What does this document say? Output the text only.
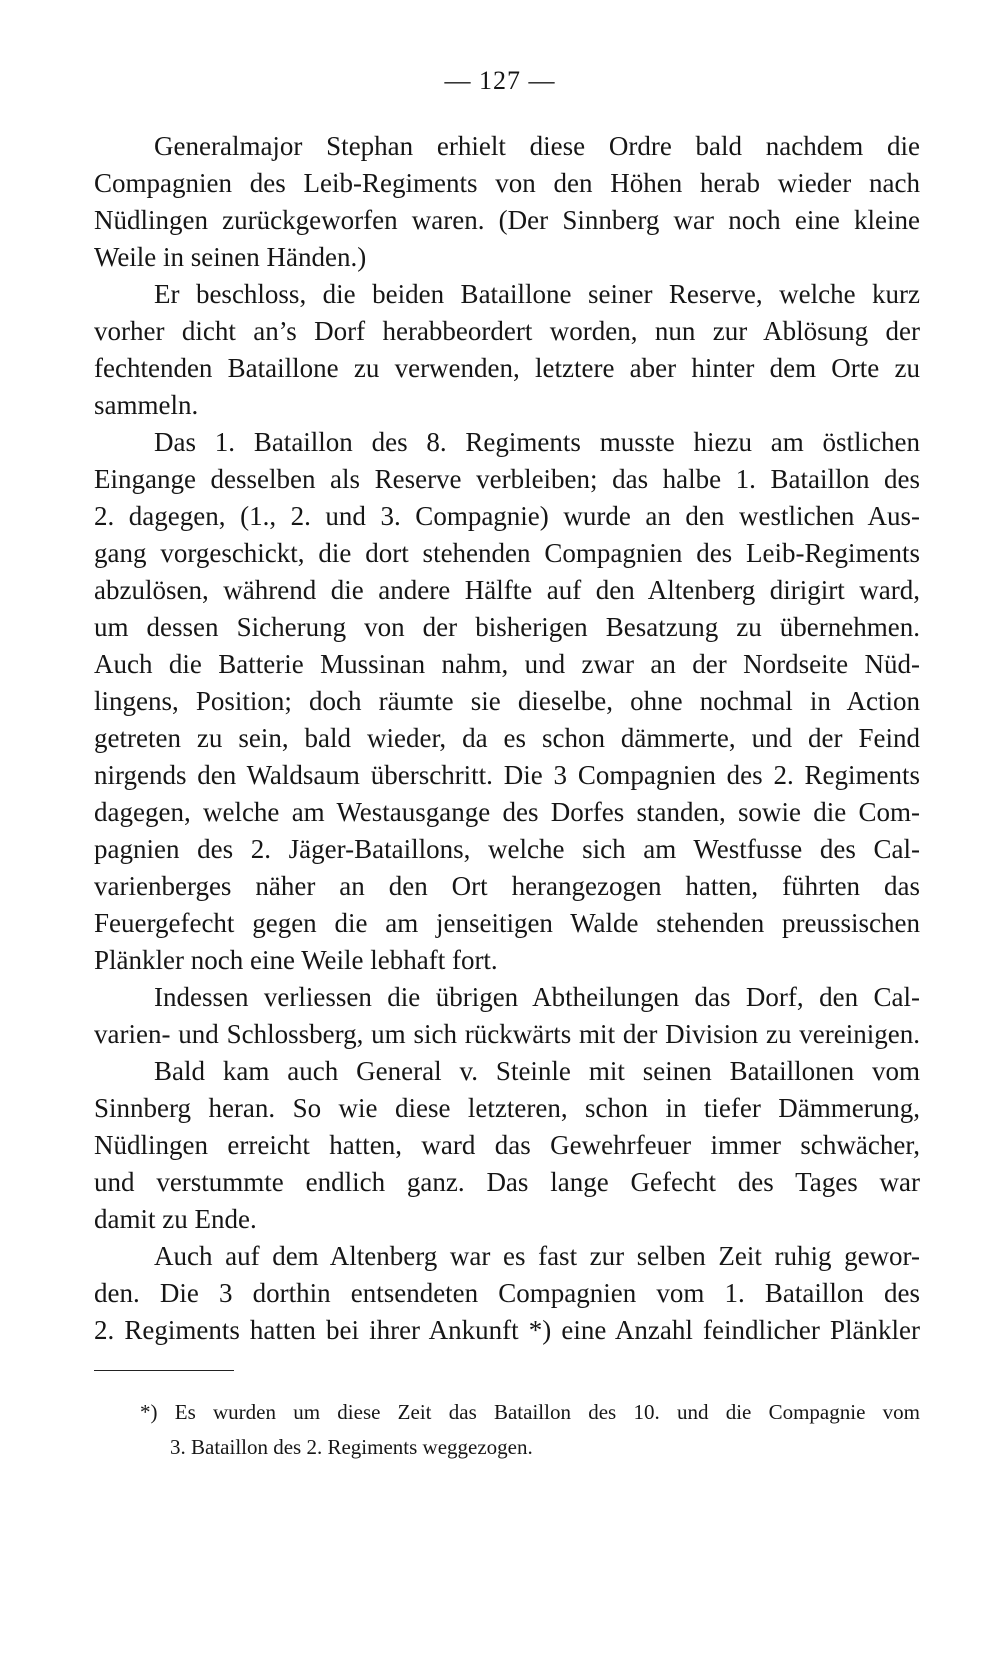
— 127 —
Generalmajor Stephan erhielt diese Ordre bald nachdem die
Compagnien des Leib-Regiments von den Höhen herab wieder nach
Nüdlingen zurückgeworfen waren. (Der Sinnberg war noch eine kleine
Weile in seinen Händen.)
Er beschloss, die beiden Bataillone seiner Reserve, welche kurz
vorher dicht an’s Dorf herabbeordert worden, nun zur Ablösung der
fechtenden Bataillone zu verwenden, letztere aber hinter dem Orte zu
sammeln.
Das 1. Bataillon des 8. Regiments musste hiezu am östlichen
Eingange desselben als Reserve verbleiben; das halbe 1. Bataillon des
2. dagegen, (1., 2. und 3. Compagnie) wurde an den westlichen Aus-
gang vorgeschickt, die dort stehenden Compagnien des Leib-Regiments
abzulösen, während die andere Hälfte auf den Altenberg dirigirt ward,
um dessen Sicherung von der bisherigen Besatzung zu übernehmen.
Auch die Batterie Mussinan nahm, und zwar an der Nordseite Nüd-
lingens, Position; doch räumte sie dieselbe, ohne nochmal in Action
getreten zu sein, bald wieder, da es schon dämmerte, und der Feind
nirgends den Waldsaum überschritt. Die 3 Compagnien des 2. Regiments
dagegen, welche am Westausgange des Dorfes standen, sowie die Com-
pagnien des 2. Jäger-Bataillons, welche sich am Westfusse des Cal-
varienberges näher an den Ort herangezogen hatten, führten das
Feuergefecht gegen die am jenseitigen Walde stehenden preussischen
Plänkler noch eine Weile lebhaft fort.
Indessen verliessen die übrigen Abtheilungen das Dorf, den Cal-
varien- und Schlossberg, um sich rückwärts mit der Division zu vereinigen.
Bald kam auch General v. Steinle mit seinen Bataillonen vom
Sinnberg heran. So wie diese letzteren, schon in tiefer Dämmerung,
Nüdlingen erreicht hatten, ward das Gewehrfeuer immer schwächer,
und verstummte endlich ganz. Das lange Gefecht des Tages war
damit zu Ende.
Auch auf dem Altenberg war es fast zur selben Zeit ruhig gewor-
den. Die 3 dorthin entsendeten Compagnien vom 1. Bataillon des
2. Regiments hatten bei ihrer Ankunft *) eine Anzahl feindlicher Plänkler
*) Es wurden um diese Zeit das Bataillon des 10. und die Compagnie vom
3. Bataillon des 2. Regiments weggezogen.
